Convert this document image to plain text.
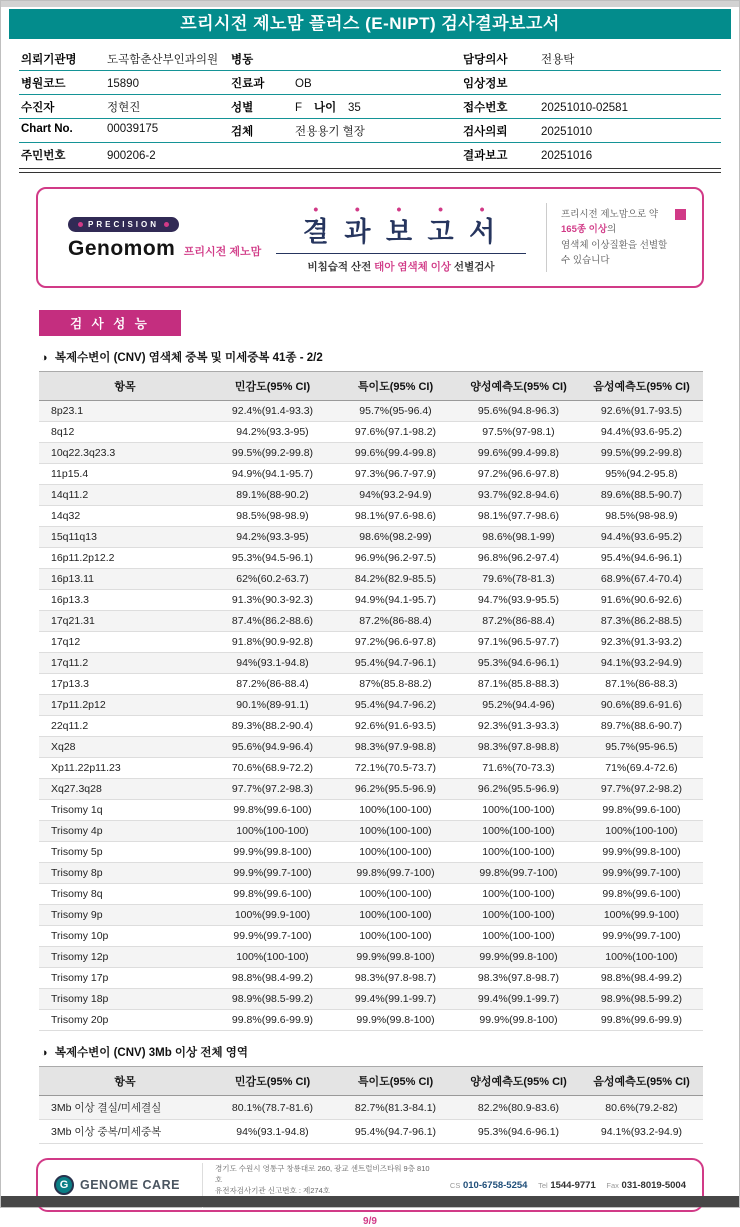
프리시전 제노맘 플러스 (E-NIPT) 검사결과보고서
의뢰기관명	도곡함춘산부인과의원	병동	담당의사	전용탁
병원코드	15890	진료과	OB	임상정보
수진자	정현진	성별	F 나이 35	접수번호	20251010-02581
Chart No.	00039175	검체	전용용기 혈장	검사의뢰	20251010
주민번호	900206-2	결과보고	20251016
PRECISION
Genomom 프리시전 제노맘
결 과 보 고 서
비침습적 산전 태아 염색체 이상 선별검사
프리시전 제노맘으로 약 165종 이상의
염색체 이상질환을 선별할 수 있습니다
검 사 성 능
◑ 복제수변이 (CNV) 염색체 중복 및 미세중복 41종 - 2/2
항목	민감도(95% CI)	특이도(95% CI)	양성예측도(95% CI)	음성예측도(95% CI)
8p23.1	92.4%(91.4-93.3)	95.7%(95-96.4)	95.6%(94.8-96.3)	92.6%(91.7-93.5)
8q12	94.2%(93.3-95)	97.6%(97.1-98.2)	97.5%(97-98.1)	94.4%(93.6-95.2)
10q22.3q23.3	99.5%(99.2-99.8)	99.6%(99.4-99.8)	99.6%(99.4-99.8)	99.5%(99.2-99.8)
11p15.4	94.9%(94.1-95.7)	97.3%(96.7-97.9)	97.2%(96.6-97.8)	95%(94.2-95.8)
14q11.2	89.1%(88-90.2)	94%(93.2-94.9)	93.7%(92.8-94.6)	89.6%(88.5-90.7)
14q32	98.5%(98-98.9)	98.1%(97.6-98.6)	98.1%(97.7-98.6)	98.5%(98-98.9)
15q11q13	94.2%(93.3-95)	98.6%(98.2-99)	98.6%(98.1-99)	94.4%(93.6-95.2)
16p11.2p12.2	95.3%(94.5-96.1)	96.9%(96.2-97.5)	96.8%(96.2-97.4)	95.4%(94.6-96.1)
16p13.11	62%(60.2-63.7)	84.2%(82.9-85.5)	79.6%(78-81.3)	68.9%(67.4-70.4)
16p13.3	91.3%(90.3-92.3)	94.9%(94.1-95.7)	94.7%(93.9-95.5)	91.6%(90.6-92.6)
17q21.31	87.4%(86.2-88.6)	87.2%(86-88.4)	87.2%(86-88.4)	87.3%(86.2-88.5)
17q12	91.8%(90.9-92.8)	97.2%(96.6-97.8)	97.1%(96.5-97.7)	92.3%(91.3-93.2)
17q11.2	94%(93.1-94.8)	95.4%(94.7-96.1)	95.3%(94.6-96.1)	94.1%(93.2-94.9)
17p13.3	87.2%(86-88.4)	87%(85.8-88.2)	87.1%(85.8-88.3)	87.1%(86-88.3)
17p11.2p12	90.1%(89-91.1)	95.4%(94.7-96.2)	95.2%(94.4-96)	90.6%(89.6-91.6)
22q11.2	89.3%(88.2-90.4)	92.6%(91.6-93.5)	92.3%(91.3-93.3)	89.7%(88.6-90.7)
Xq28	95.6%(94.9-96.4)	98.3%(97.9-98.8)	98.3%(97.8-98.8)	95.7%(95-96.5)
Xp11.22p11.23	70.6%(68.9-72.2)	72.1%(70.5-73.7)	71.6%(70-73.3)	71%(69.4-72.6)
Xq27.3q28	97.7%(97.2-98.3)	96.2%(95.5-96.9)	96.2%(95.5-96.9)	97.7%(97.2-98.2)
Trisomy 1q	99.8%(99.6-100)	100%(100-100)	100%(100-100)	99.8%(99.6-100)
Trisomy 4p	100%(100-100)	100%(100-100)	100%(100-100)	100%(100-100)
Trisomy 5p	99.9%(99.8-100)	100%(100-100)	100%(100-100)	99.9%(99.8-100)
Trisomy 8p	99.9%(99.7-100)	99.8%(99.7-100)	99.8%(99.7-100)	99.9%(99.7-100)
Trisomy 8q	99.8%(99.6-100)	100%(100-100)	100%(100-100)	99.8%(99.6-100)
Trisomy 9p	100%(99.9-100)	100%(100-100)	100%(100-100)	100%(99.9-100)
Trisomy 10p	99.9%(99.7-100)	100%(100-100)	100%(100-100)	99.9%(99.7-100)
Trisomy 12p	100%(100-100)	99.9%(99.8-100)	99.9%(99.8-100)	100%(100-100)
Trisomy 17p	98.8%(98.4-99.2)	98.3%(97.8-98.7)	98.3%(97.8-98.7)	98.8%(98.4-99.2)
Trisomy 18p	98.9%(98.5-99.2)	99.4%(99.1-99.7)	99.4%(99.1-99.7)	98.9%(98.5-99.2)
Trisomy 20p	99.8%(99.6-99.9)	99.9%(99.8-100)	99.9%(99.8-100)	99.8%(99.6-99.9)
◑ 복제수변이 (CNV) 3Mb 이상 전체 영역
항목	민감도(95% CI)	특이도(95% CI)	양성예측도(95% CI)	음성예측도(95% CI)
3Mb 이상 결실/미세결실	80.1%(78.7-81.6)	82.7%(81.3-84.1)	82.2%(80.9-83.6)	80.6%(79.2-82)
3Mb 이상 중복/미세중복	94%(93.1-94.8)	95.4%(94.7-96.1)	95.3%(94.6-96.1)	94.1%(93.2-94.9)
G GENOME CARE
경기도 수원시 영통구 창룡대로 260, 광교 센트럴비즈타워 9층 810호
유전자검사기관 신고번호 : 제274호
CS 010-6758-5254 Tel 1544-9771 Fax 031-8019-5004
9/9
